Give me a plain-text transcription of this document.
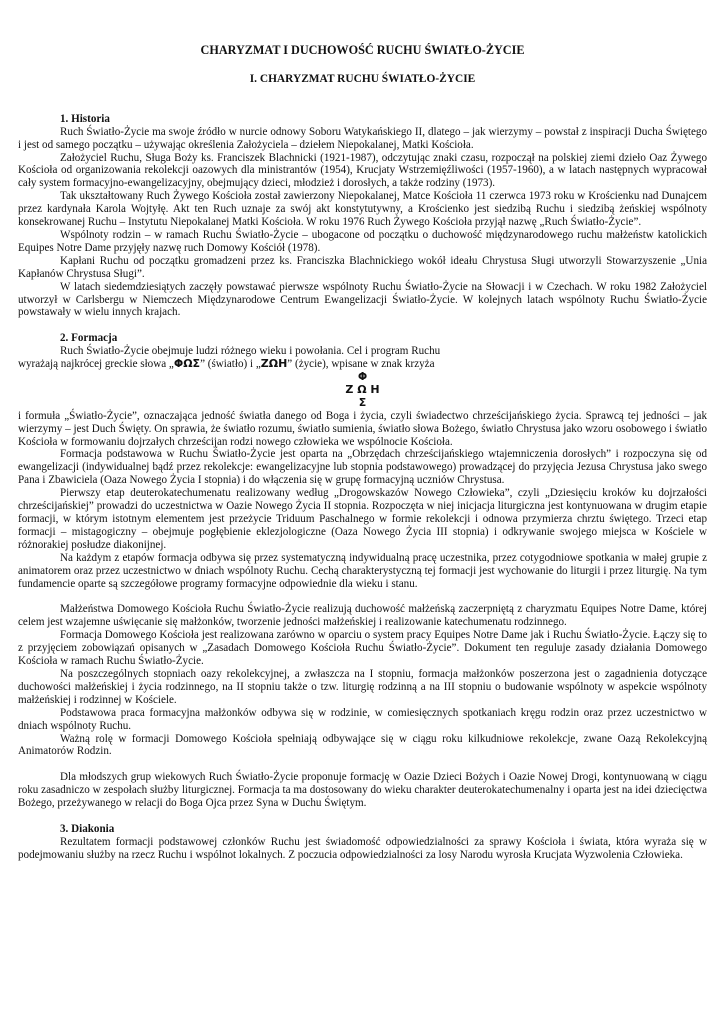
CHARYZMAT I DUCHOWOŚĆ RUCHU ŚWIATŁO-ŻYCIE
I. CHARYZMAT RUCHU ŚWIATŁO-ŻYCIE
1. Historia

Ruch Światło-Życie ma swoje źródło w nurcie odnowy Soboru Watykańskiego II, dlatego – jak wierzymy – powstał z inspiracji Ducha Świętego i jest od samego początku – używając określenia Założyciela – dziełem Niepokalanej, Matki Kościoła.

Założyciel Ruchu, Sługa Boży ks. Franciszek Blachnicki (1921-1987), odczytując znaki czasu, rozpoczął na polskiej ziemi dzieło Oaz Żywego Kościoła od organizowania rekolekcji oazowych dla ministrantów (1954), Krucjaty Wstrzemięźliwości (1957-1960), a w latach następnych wypracował cały system formacyjno-ewangelizacyjny, obejmujący dzieci, młodzież i dorosłych, a także rodziny (1973).

Tak ukształtowany Ruch Żywego Kościoła został zawierzony Niepokalanej, Matce Kościoła 11 czerwca 1973 roku w Krościenku nad Dunajcem przez kardynała Karola Wojtyłę. Akt ten Ruch uznaje za swój akt konstytutywny, a Krościenko jest siedzibą Ruchu i siedzibą żeńskiej wspólnoty konsekrowanej Ruchu – Instytutu Niepokalanej Matki Kościoła. W roku 1976 Ruch Żywego Kościoła przyjął nazwę „Ruch Światło-Życie”.

Wspólnoty rodzin – w ramach Ruchu Światło-Życie – ubogacone od początku o duchowość międzynarodowego ruchu małżeństw katolickich Equipes Notre Dame przyjęły nazwę ruch Domowy Kościół (1978).

Kapłani Ruchu od początku gromadzeni przez ks. Franciszka Blachnickiego wokół ideału Chrystusa Sługi utworzyli Stowarzyszenie „Unia Kapłanów Chrystusa Sługi”.

W latach siedemdziesiątych zaczęły powstawać pierwsze wspólnoty Ruchu Światło-Życie na Słowacji i w Czechach. W roku 1982 Założyciel utworzył w Carlsbergu w Niemczech Międzynarodowe Centrum Ewangelizacji Światło-Życie. W kolejnych latach wspólnoty Ruchu Światło-Życie powstawały w wielu innych krajach.

2. Formacja

Ruch Światło-Życie obejmuje ludzi różnego wieku i powołania. Cel i program Ruchu

wyrażają najkrócej greckie słowa „ΦΩΣ” (światło) i „ΖΩΗ” (życie), wpisane w znak krzyża

Φ
Ζ Ω Η
Σ

i formuła „Światło-Życie”, oznaczająca jedność światła danego od Boga i życia, czyli świadectwo chrześcijańskiego życia. Sprawcą tej jedności – jak wierzymy – jest Duch Święty. On sprawia, że światło rozumu, światło sumienia, światło słowa Bożego, światło Chrystusa jako wzoru osobowego i światło Kościoła w formowaniu dojrzałych chrześcijan rodzi nowego człowieka we wspólnocie Kościoła.

Formacja podstawowa w Ruchu Światło-Życie jest oparta na „Obrzędach chrześcijańskiego wtajemniczenia dorosłych” i rozpoczyna się od ewangelizacji (indywidualnej bądź przez rekolekcje: ewangelizacyjne lub stopnia podstawowego) prowadzącej do przyjęcia Jezusa Chrystusa jako swego Pana i Zbawiciela (Oaza Nowego Życia I stopnia) i do włączenia się w grupę formacyjną uczniów Chrystusa.

Pierwszy etap deuterokatechumenatu realizowany według „Drogowskazów Nowego Człowieka”, czyli „Dziesięciu kroków ku dojrzałości chrześcijańskiej” prowadzi do uczestnictwa w Oazie Nowego Życia II stopnia. Rozpoczęta w niej inicjacja liturgiczna jest kontynuowana w drugim etapie formacji, w którym istotnym elementem jest przeżycie Triduum Paschalnego w formie rekolekcji i odnowa przymierza chrztu świętego. Trzeci etap formacji – mistagogiczny – obejmuje pogłębienie eklezjologiczne (Oaza Nowego Życia III stopnia) i odkrywanie swojego miejsca w Kościele w różnorakiej posłudze diakonijnej.

Na każdym z etapów formacja odbywa się przez systematyczną indywidualną pracę uczestnika, przez cotygodniowe spotkania w małej grupie z animatorem oraz przez uczestnictwo w dniach wspólnoty Ruchu. Cechą charakterystyczną tej formacji jest wychowanie do liturgii i przez liturgię. Na tym fundamencie oparte są szczegółowe programy formacyjne odpowiednie dla wieku i stanu.

Małżeństwa Domowego Kościoła Ruchu Światło-Życie realizują duchowość małżeńską zaczerpniętą z charyzmatu Equipes Notre Dame, której celem jest wzajemne uświęcanie się małżonków, tworzenie jedności małżeńskiej i realizowanie katechumenatu rodzinnego.

Formacja Domowego Kościoła jest realizowana zarówno w oparciu o system pracy Equipes Notre Dame jak i Ruchu Światło-Życie. Łączy się to z przyjęciem zobowiązań opisanych w „Zasadach Domowego Kościoła Ruchu Światło-Życie”. Dokument ten reguluje zasady działania Domowego Kościoła w ramach Ruchu Światło-Życie.

Na poszczególnych stopniach oazy rekolekcyjnej, a zwłaszcza na I stopniu, formacja małżonków poszerzona jest o zagadnienia dotyczące duchowości małżeńskiej i życia rodzinnego, na II stopniu także o tzw. liturgię rodzinną a na III stopniu o budowanie wspólnoty w aspekcie wspólnoty małżeńskiej i rodzinnej w Kościele.

Podstawowa praca formacyjna małżonków odbywa się w rodzinie, w comiesięcznych spotkaniach kręgu rodzin oraz przez uczestnictwo w dniach wspólnoty Ruchu.

Ważną rolę w formacji Domowego Kościoła spełniają odbywające się w ciągu roku kilkudniowe rekolekcje, zwane Oazą Rekolekcyjną Animatorów Rodzin.

Dla młodszych grup wiekowych Ruch Światło-Życie proponuje formację w Oazie Dzieci Bożych i Oazie Nowej Drogi, kontynuowaną w ciągu roku zasadniczo w zespołach służby liturgicznej. Formacja ta ma dostosowany do wieku charakter deuterokatechumenalny i oparta jest na idei dziecięctwa Bożego, przeżywanego w relacji do Boga Ojca przez Syna w Duchu Świętym.

3. Diakonia

Rezultatem formacji podstawowej członków Ruchu jest świadomość odpowiedzialności za sprawy Kościoła i świata, która wyraża się w podejmowaniu służby na rzecz Ruchu i wspólnot lokalnych. Z poczucia odpowiedzialności za losy Narodu wyrosła Krucjata Wyzwolenia Człowieka.
